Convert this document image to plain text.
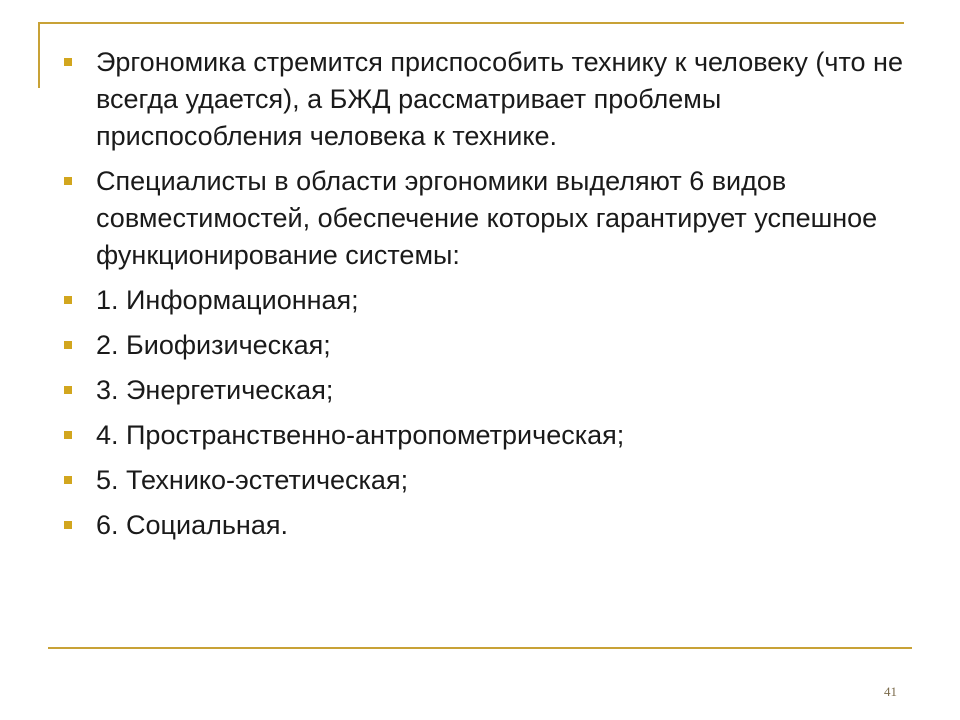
Эргономика стремится приспособить технику к человеку (что не всегда удается), а БЖД рассматривает проблемы приспособления человека к технике.
Специалисты в области эргономики выделяют 6 видов совместимостей, обеспечение которых гарантирует успешное функционирование системы:
1. Информационная;
2. Биофизическая;
3. Энергетическая;
4. Пространственно-антропометрическая;
5. Технико-эстетическая;
6. Социальная.
41
